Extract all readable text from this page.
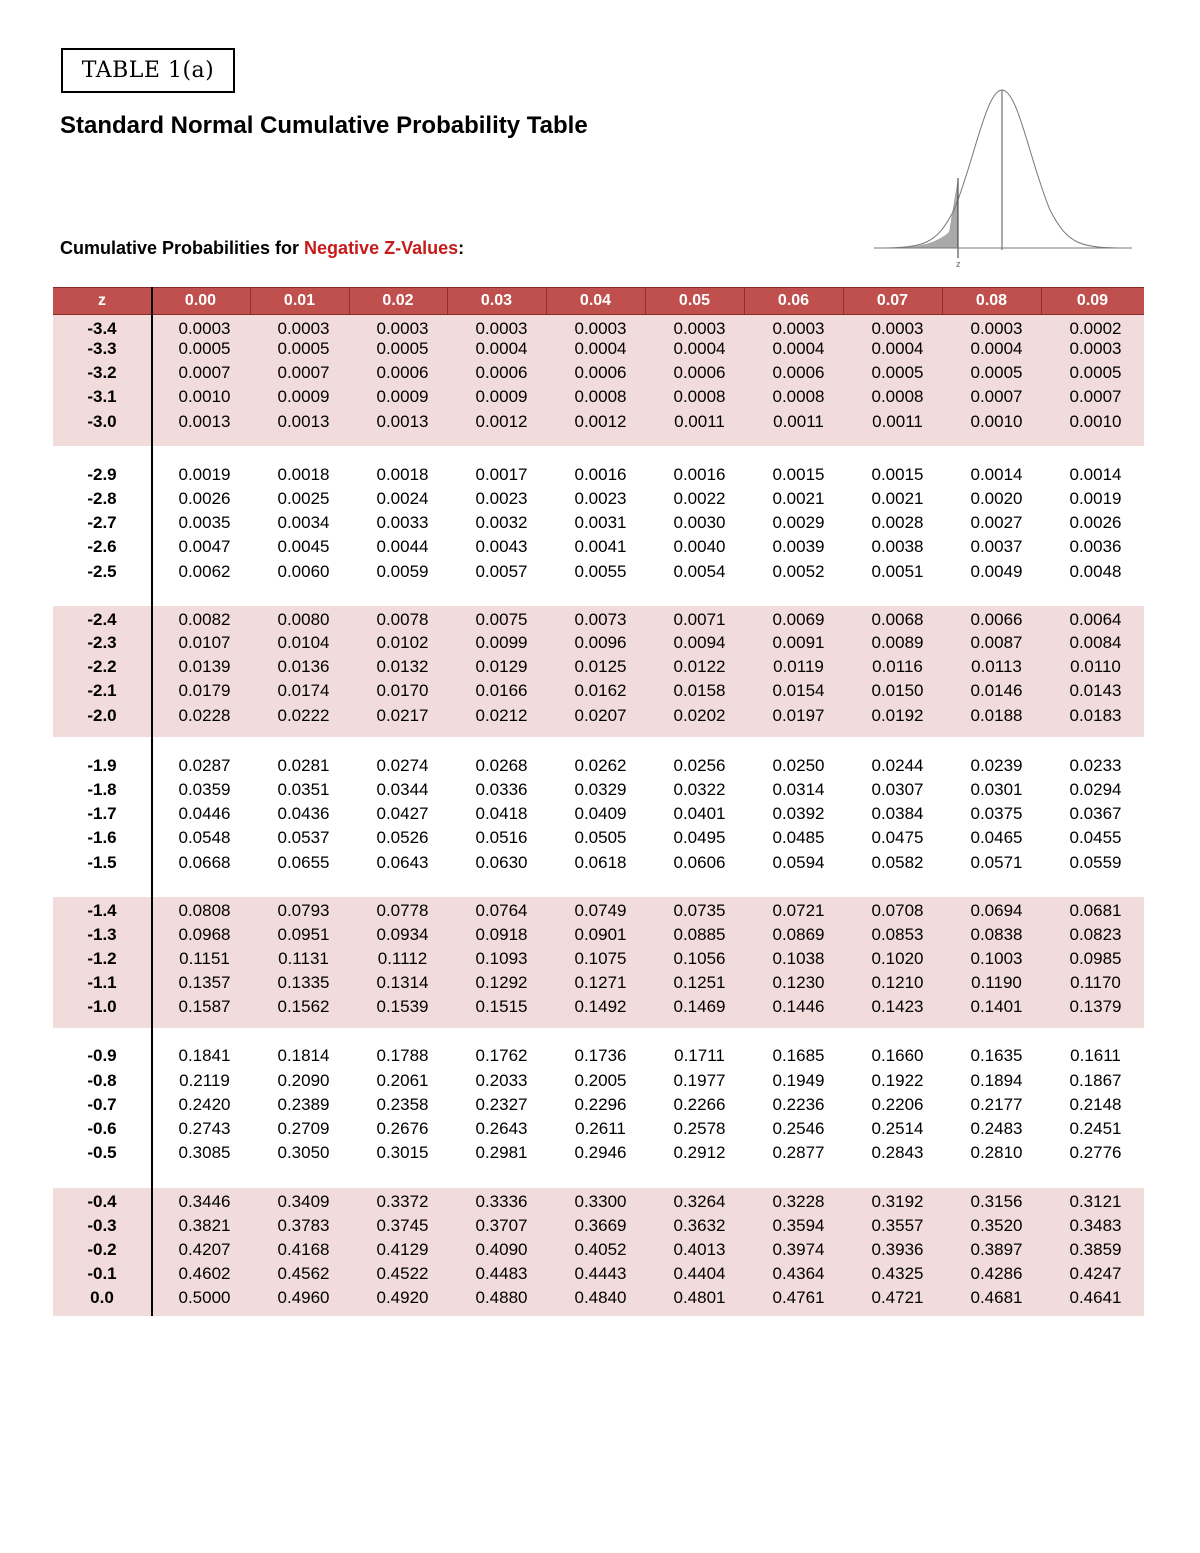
TABLE 1(a)
Standard Normal Cumulative Probability Table
Cumulative Probabilities for Negative Z-Values:
z
z	0.00	0.01	0.02	0.03	0.04	0.05	0.06	0.07	0.08	0.09
-3.4	0.0003	0.0003	0.0003	0.0003	0.0003	0.0003	0.0003	0.0003	0.0003	0.0002
-3.3	0.0005	0.0005	0.0005	0.0004	0.0004	0.0004	0.0004	0.0004	0.0004	0.0003
-3.2	0.0007	0.0007	0.0006	0.0006	0.0006	0.0006	0.0006	0.0005	0.0005	0.0005
-3.1	0.0010	0.0009	0.0009	0.0009	0.0008	0.0008	0.0008	0.0008	0.0007	0.0007
-3.0	0.0013	0.0013	0.0013	0.0012	0.0012	0.0011	0.0011	0.0011	0.0010	0.0010
-2.9	0.0019	0.0018	0.0018	0.0017	0.0016	0.0016	0.0015	0.0015	0.0014	0.0014
-2.8	0.0026	0.0025	0.0024	0.0023	0.0023	0.0022	0.0021	0.0021	0.0020	0.0019
-2.7	0.0035	0.0034	0.0033	0.0032	0.0031	0.0030	0.0029	0.0028	0.0027	0.0026
-2.6	0.0047	0.0045	0.0044	0.0043	0.0041	0.0040	0.0039	0.0038	0.0037	0.0036
-2.5	0.0062	0.0060	0.0059	0.0057	0.0055	0.0054	0.0052	0.0051	0.0049	0.0048
-2.4	0.0082	0.0080	0.0078	0.0075	0.0073	0.0071	0.0069	0.0068	0.0066	0.0064
-2.3	0.0107	0.0104	0.0102	0.0099	0.0096	0.0094	0.0091	0.0089	0.0087	0.0084
-2.2	0.0139	0.0136	0.0132	0.0129	0.0125	0.0122	0.0119	0.0116	0.0113	0.0110
-2.1	0.0179	0.0174	0.0170	0.0166	0.0162	0.0158	0.0154	0.0150	0.0146	0.0143
-2.0	0.0228	0.0222	0.0217	0.0212	0.0207	0.0202	0.0197	0.0192	0.0188	0.0183
-1.9	0.0287	0.0281	0.0274	0.0268	0.0262	0.0256	0.0250	0.0244	0.0239	0.0233
-1.8	0.0359	0.0351	0.0344	0.0336	0.0329	0.0322	0.0314	0.0307	0.0301	0.0294
-1.7	0.0446	0.0436	0.0427	0.0418	0.0409	0.0401	0.0392	0.0384	0.0375	0.0367
-1.6	0.0548	0.0537	0.0526	0.0516	0.0505	0.0495	0.0485	0.0475	0.0465	0.0455
-1.5	0.0668	0.0655	0.0643	0.0630	0.0618	0.0606	0.0594	0.0582	0.0571	0.0559
-1.4	0.0808	0.0793	0.0778	0.0764	0.0749	0.0735	0.0721	0.0708	0.0694	0.0681
-1.3	0.0968	0.0951	0.0934	0.0918	0.0901	0.0885	0.0869	0.0853	0.0838	0.0823
-1.2	0.1151	0.1131	0.1112	0.1093	0.1075	0.1056	0.1038	0.1020	0.1003	0.0985
-1.1	0.1357	0.1335	0.1314	0.1292	0.1271	0.1251	0.1230	0.1210	0.1190	0.1170
-1.0	0.1587	0.1562	0.1539	0.1515	0.1492	0.1469	0.1446	0.1423	0.1401	0.1379
-0.9	0.1841	0.1814	0.1788	0.1762	0.1736	0.1711	0.1685	0.1660	0.1635	0.1611
-0.8	0.2119	0.2090	0.2061	0.2033	0.2005	0.1977	0.1949	0.1922	0.1894	0.1867
-0.7	0.2420	0.2389	0.2358	0.2327	0.2296	0.2266	0.2236	0.2206	0.2177	0.2148
-0.6	0.2743	0.2709	0.2676	0.2643	0.2611	0.2578	0.2546	0.2514	0.2483	0.2451
-0.5	0.3085	0.3050	0.3015	0.2981	0.2946	0.2912	0.2877	0.2843	0.2810	0.2776
-0.4	0.3446	0.3409	0.3372	0.3336	0.3300	0.3264	0.3228	0.3192	0.3156	0.3121
-0.3	0.3821	0.3783	0.3745	0.3707	0.3669	0.3632	0.3594	0.3557	0.3520	0.3483
-0.2	0.4207	0.4168	0.4129	0.4090	0.4052	0.4013	0.3974	0.3936	0.3897	0.3859
-0.1	0.4602	0.4562	0.4522	0.4483	0.4443	0.4404	0.4364	0.4325	0.4286	0.4247
0.0	0.5000	0.4960	0.4920	0.4880	0.4840	0.4801	0.4761	0.4721	0.4681	0.4641
